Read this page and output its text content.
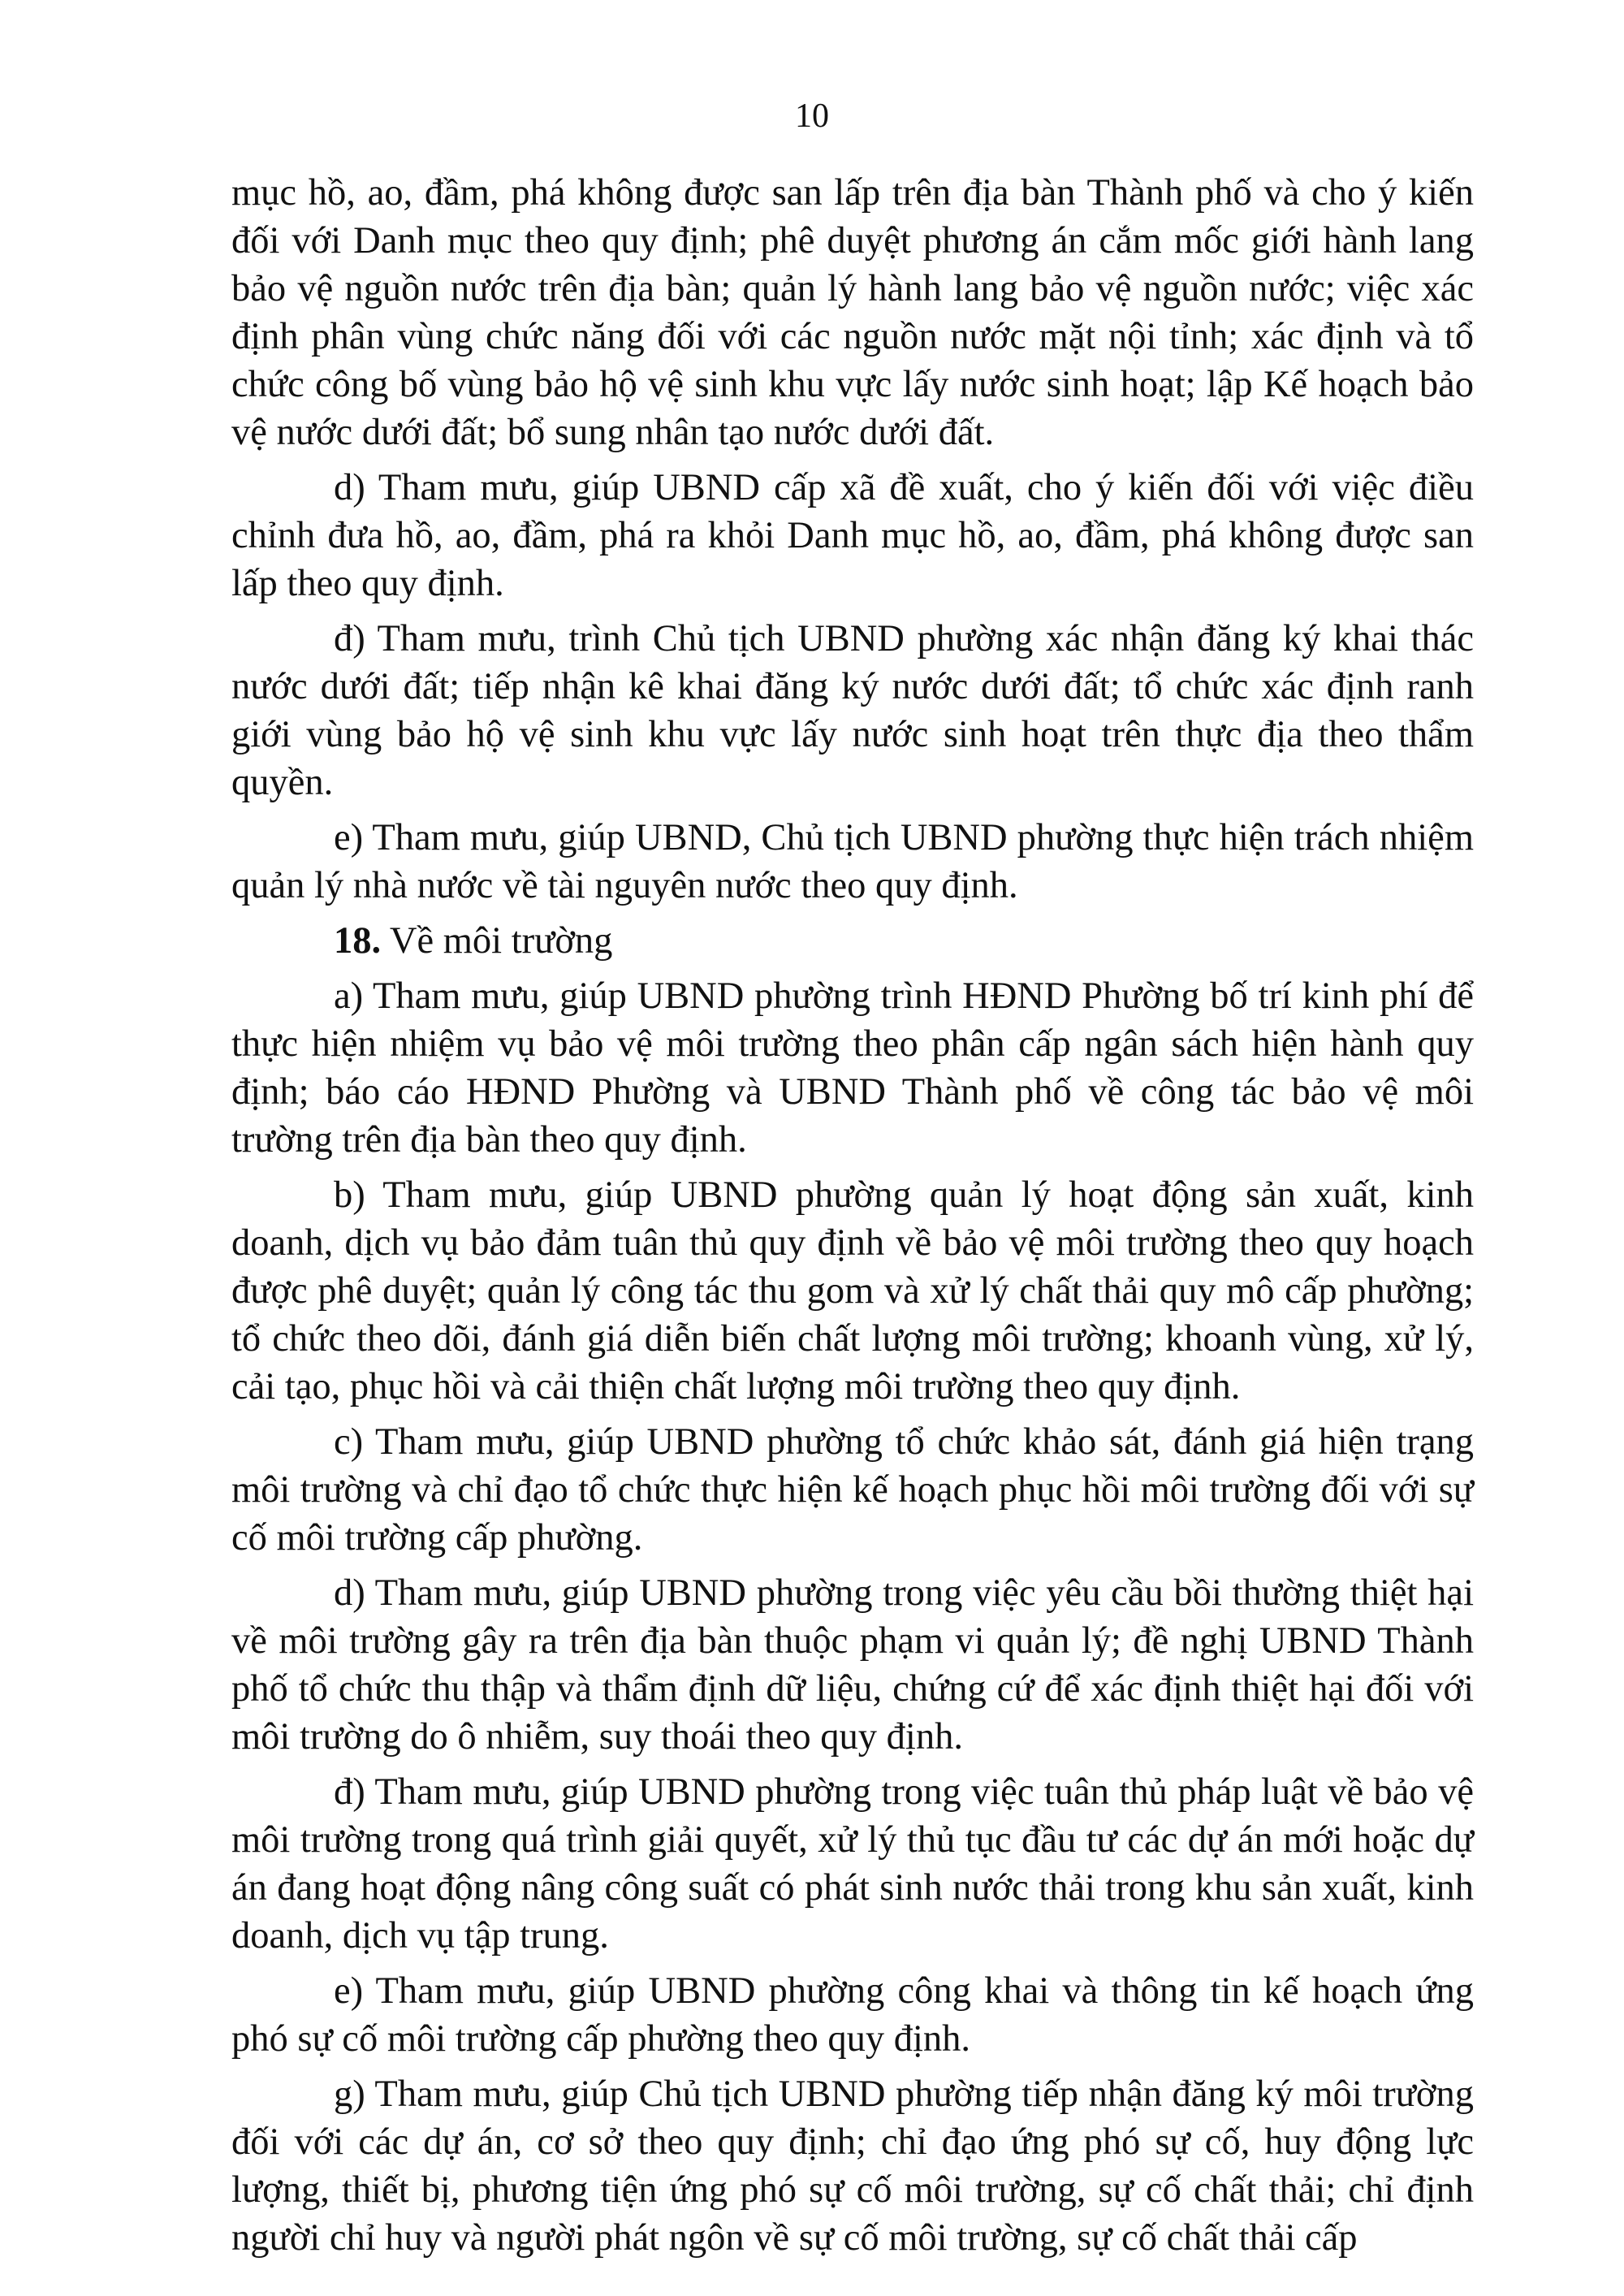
10

mục hồ, ao, đầm, phá không được san lấp trên địa bàn Thành phố và cho ý kiến đối với Danh mục theo quy định; phê duyệt phương án cắm mốc giới hành lang bảo vệ nguồn nước trên địa bàn; quản lý hành lang bảo vệ nguồn nước; việc xác định phân vùng chức năng đối với các nguồn nước mặt nội tỉnh; xác định và tổ chức công bố vùng bảo hộ vệ sinh khu vực lấy nước sinh hoạt; lập Kế hoạch bảo vệ nước dưới đất; bổ sung nhân tạo nước dưới đất.

d) Tham mưu, giúp UBND cấp xã đề xuất, cho ý kiến đối với việc điều chỉnh đưa hồ, ao, đầm, phá ra khỏi Danh mục hồ, ao, đầm, phá không được san lấp theo quy định.

đ) Tham mưu, trình Chủ tịch UBND phường xác nhận đăng ký khai thác nước dưới đất; tiếp nhận kê khai đăng ký nước dưới đất; tổ chức xác định ranh giới vùng bảo hộ vệ sinh khu vực lấy nước sinh hoạt trên thực địa theo thẩm quyền.

e) Tham mưu, giúp UBND, Chủ tịch UBND phường thực hiện trách nhiệm quản lý nhà nước về tài nguyên nước theo quy định.

18. Về môi trường

a) Tham mưu, giúp UBND phường trình HĐND Phường bố trí kinh phí để thực hiện nhiệm vụ bảo vệ môi trường theo phân cấp ngân sách hiện hành quy định; báo cáo HĐND Phường và UBND Thành phố về công tác bảo vệ môi trường trên địa bàn theo quy định.

b) Tham mưu, giúp UBND phường quản lý hoạt động sản xuất, kinh doanh, dịch vụ bảo đảm tuân thủ quy định về bảo vệ môi trường theo quy hoạch được phê duyệt; quản lý công tác thu gom và xử lý chất thải quy mô cấp phường; tổ chức theo dõi, đánh giá diễn biến chất lượng môi trường; khoanh vùng, xử lý, cải tạo, phục hồi và cải thiện chất lượng môi trường theo quy định.

c) Tham mưu, giúp UBND phường tổ chức khảo sát, đánh giá hiện trạng môi trường và chỉ đạo tổ chức thực hiện kế hoạch phục hồi môi trường đối với sự cố môi trường cấp phường.

d) Tham mưu, giúp UBND phường trong việc yêu cầu bồi thường thiệt hại về môi trường gây ra trên địa bàn thuộc phạm vi quản lý; đề nghị UBND Thành phố tổ chức thu thập và thẩm định dữ liệu, chứng cứ để xác định thiệt hại đối với môi trường do ô nhiễm, suy thoái theo quy định.

đ) Tham mưu, giúp UBND phường trong việc tuân thủ pháp luật về bảo vệ môi trường trong quá trình giải quyết, xử lý thủ tục đầu tư các dự án mới hoặc dự án đang hoạt động nâng công suất có phát sinh nước thải trong khu sản xuất, kinh doanh, dịch vụ tập trung.

e) Tham mưu, giúp UBND phường công khai và thông tin kế hoạch ứng phó sự cố môi trường cấp phường theo quy định.

g) Tham mưu, giúp Chủ tịch UBND phường tiếp nhận đăng ký môi trường đối với các dự án, cơ sở theo quy định; chỉ đạo ứng phó sự cố, huy động lực lượng, thiết bị, phương tiện ứng phó sự cố môi trường, sự cố chất thải; chỉ định người chỉ huy và người phát ngôn về sự cố môi trường, sự cố chất thải cấp
